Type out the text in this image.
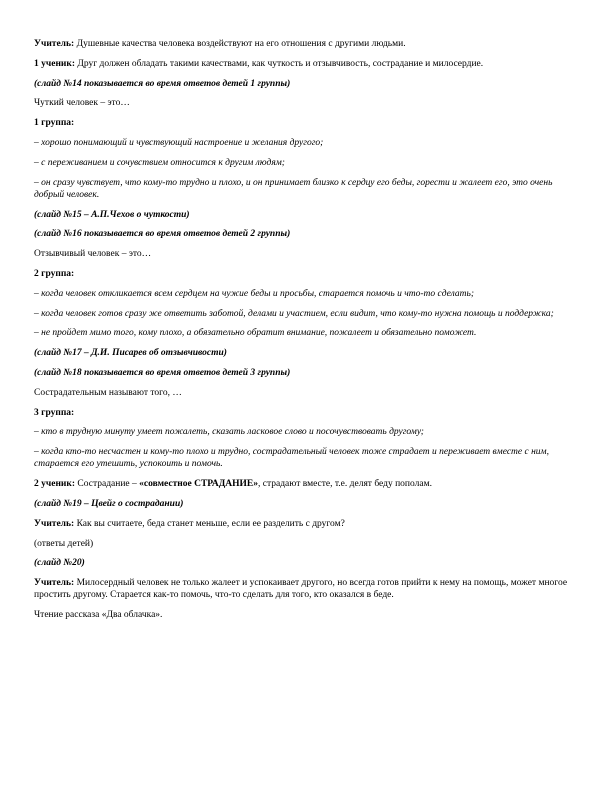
Учитель: Душевные качества человека воздействуют на его отношения с другими людьми.

1 ученик: Друг должен обладать такими качествами, как чуткость и отзывчивость, сострадание и милосердие.

(слайд №14 показывается во время ответов детей 1 группы)

Чуткий человек – это…

1 группа:

– хорошо понимающий и чувствующий настроение и желания другого;

– с переживанием и сочувствием относится к другим людям;

– он сразу чувствует, что кому-то трудно и плохо, и он принимает близко к сердцу его беды, горести и жалеет его, это очень добрый человек.

(слайд №15 – А.П.Чехов о чуткости)

(слайд №16 показывается во время ответов детей 2 группы)

Отзывчивый человек – это…

2 группа:

– когда человек откликается всем сердцем на чужие беды и просьбы, старается помочь и что-то сделать;

– когда человек готов сразу же ответить заботой, делами и участием, если видит, что кому-то нужна помощь и поддержка;

– не пройдет мимо того, кому плохо, а обязательно обратит внимание, пожалеет и обязательно поможет.

(слайд №17 – Д.И. Писарев об отзывчивости)

(слайд №18 показывается во время ответов детей 3 группы)

Сострадательным называют того, …

3 группа:

– кто в трудную минуту умеет пожалеть, сказать ласковое слово и посочувствовать другому;

– когда кто-то несчастен и кому-то плохо и трудно, сострадательный человек тоже страдает и переживает вместе с ним, старается его утешить, успокоить и помочь.

2 ученик: Сострадание – «совместное СТРАДАНИЕ», страдают вместе, т.е. делят беду пополам.

(слайд №19 – Цвейг о сострадании)

Учитель: Как вы считаете, беда станет меньше, если ее разделить с другом?

(ответы детей)

(слайд №20)

Учитель: Милосердный человек не только жалеет и успокаивает другого, но всегда готов прийти к нему на помощь, может многое простить другому. Старается как-то помочь, что-то сделать для того, кто оказался в беде.

Чтение рассказа «Два облачка».
